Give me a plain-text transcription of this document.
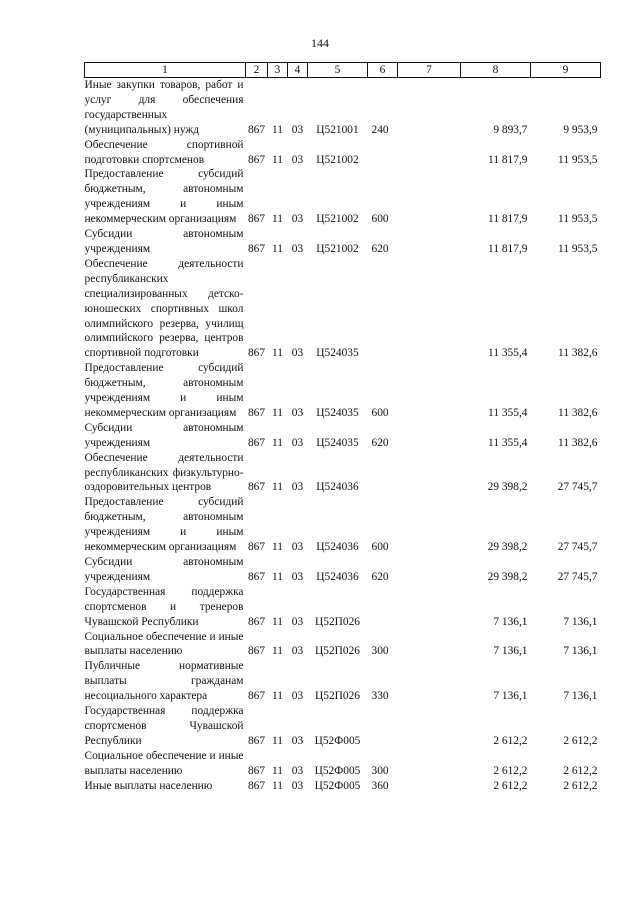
144
1	2	3	4	5	6	7	8	9
Иные закупки товаров, работ и услуг для обеспечения государственных (муниципальных) нужд	867	11	03	Ц521001	240		9 893,7	9 953,9
Обеспечение спортивной подготовки спортсменов	867	11	03	Ц521002			11 817,9	11 953,5
Предоставление субсидий бюджетным, автономным учреждениям и иным некоммерческим организациям	867	11	03	Ц521002	600		11 817,9	11 953,5
Субсидии автономным учреждениям	867	11	03	Ц521002	620		11 817,9	11 953,5
Обеспечение деятельности республиканских специализированных детско-юношеских спортивных школ олимпийского резерва, училищ олимпийского резерва, центров спортивной подготовки	867	11	03	Ц524035			11 355,4	11 382,6
Предоставление субсидий бюджетным, автономным учреждениям и иным некоммерческим организациям	867	11	03	Ц524035	600		11 355,4	11 382,6
Субсидии автономным учреждениям	867	11	03	Ц524035	620		11 355,4	11 382,6
Обеспечение деятельности республиканских физкультурно-оздоровительных центров	867	11	03	Ц524036			29 398,2	27 745,7
Предоставление субсидий бюджетным, автономным учреждениям и иным некоммерческим организациям	867	11	03	Ц524036	600		29 398,2	27 745,7
Субсидии автономным учреждениям	867	11	03	Ц524036	620		29 398,2	27 745,7
Государственная поддержка спортсменов и тренеров Чувашской Республики	867	11	03	Ц52П026			7 136,1	7 136,1
Социальное обеспечение и иные выплаты населению	867	11	03	Ц52П026	300		7 136,1	7 136,1
Публичные нормативные выплаты гражданам несоциального характера	867	11	03	Ц52П026	330		7 136,1	7 136,1
Государственная поддержка спортсменов Чувашской Республики	867	11	03	Ц52Ф005			2 612,2	2 612,2
Социальное обеспечение и иные выплаты населению	867	11	03	Ц52Ф005	300		2 612,2	2 612,2
Иные выплаты населению	867	11	03	Ц52Ф005	360		2 612,2	2 612,2
